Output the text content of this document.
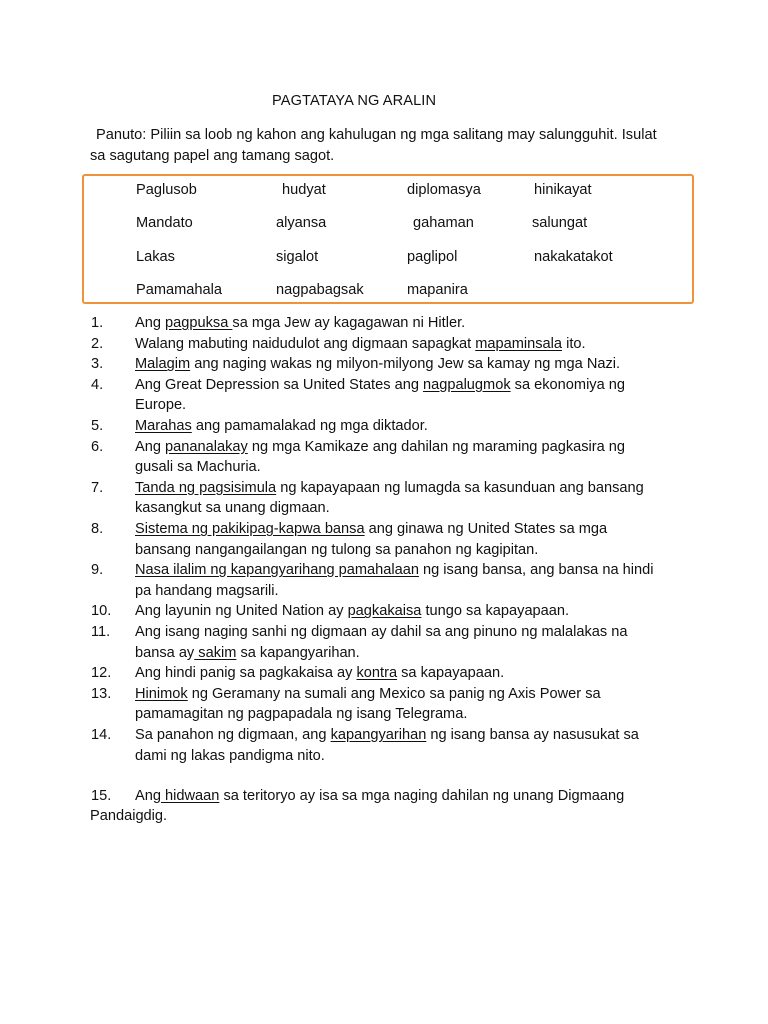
PAGTATAYA NG ARALIN
Panuto: Piliin sa loob ng kahon ang kahulugan ng mga salitang may salungguhit. Isulat
sa sagutang papel ang tamang sagot.
Paglusob	hudyat	diplomasya	hinikayat
Mandato	alyansa	gahaman	salungat
Lakas	sigalot	paglipol	nakakatakot
Pamamahala	nagpabagsak	mapanira
1. Ang pagpuksa sa mga Jew ay kagagawan ni Hitler.
2. Walang mabuting naidudulot ang digmaan sapagkat mapaminsala ito.
3. Malagim ang naging wakas ng milyon-milyong Jew sa kamay ng mga Nazi.
4. Ang Great Depression sa United States ang nagpalugmok sa ekonomiya ng
Europe.
5. Marahas ang pamamalakad ng mga diktador.
6. Ang pananalakay ng mga Kamikaze ang dahilan ng maraming pagkasira ng
gusali sa Machuria.
7. Tanda ng pagsisimula ng kapayapaan ng lumagda sa kasunduan ang bansang
kasangkut sa unang digmaan.
8. Sistema ng pakikipag-kapwa bansa ang ginawa ng United States sa mga
bansang nangangailangan ng tulong sa panahon ng kagipitan.
9. Nasa ilalim ng kapangyarihang pamahalaan ng isang bansa, ang bansa na hindi
pa handang magsarili.
10. Ang layunin ng United Nation ay pagkakaisa tungo sa kapayapaan.
11. Ang isang naging sanhi ng digmaan ay dahil sa ang pinuno ng malalakas na
bansa ay sakim sa kapangyarihan.
12. Ang hindi panig sa pagkakaisa ay kontra sa kapayapaan.
13. Hinimok ng Geramany na sumali ang Mexico sa panig ng Axis Power sa
pamamagitan ng pagpapadala ng isang Telegrama.
14. Sa panahon ng digmaan, ang kapangyarihan ng isang bansa ay nasusukat sa
dami ng lakas pandigma nito.
15. Ang hidwaan sa teritoryo ay isa sa mga naging dahilan ng unang Digmaang
Pandaigdig.
